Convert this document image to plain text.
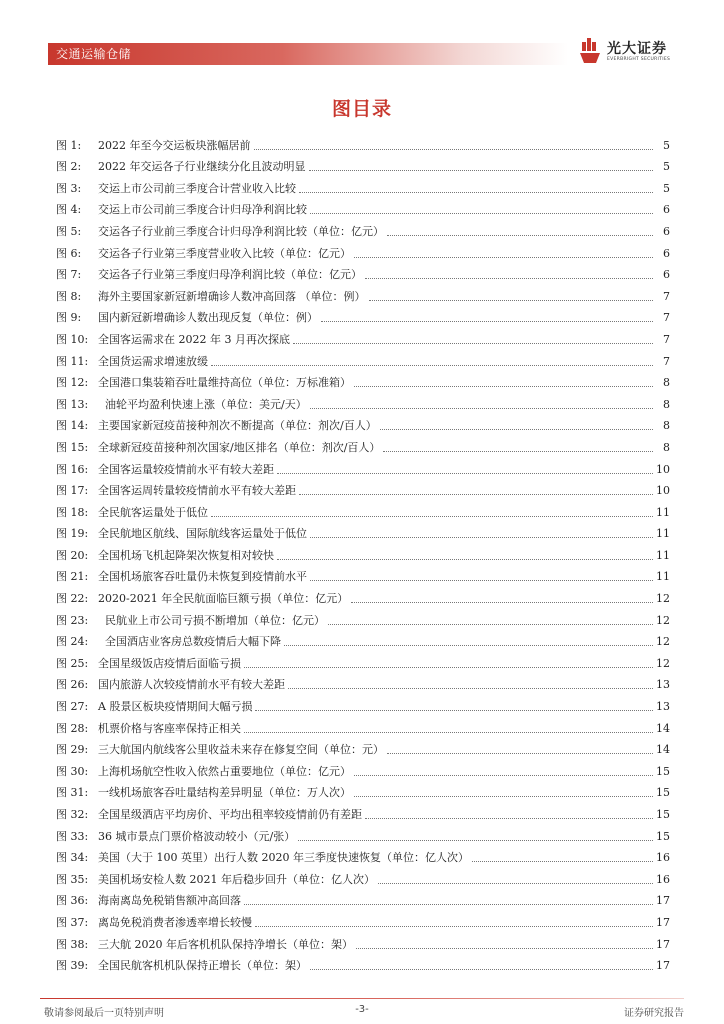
交通运输仓储	光大证券
EVERBRIGHT SECURITIES
图目录
图 1:	2022 年至今交运板块涨幅居前	5
图 2:	2022 年交运各子行业继续分化且波动明显	5
图 3:	交运上市公司前三季度合计营业收入比较	5
图 4:	交运上市公司前三季度合计归母净利润比较	6
图 5:	交运各子行业前三季度合计归母净利润比较（单位：亿元）	6
图 6:	交运各子行业第三季度营业收入比较（单位：亿元）	6
图 7:	交运各子行业第三季度归母净利润比较（单位：亿元）	6
图 8:	海外主要国家新冠新增确诊人数冲高回落 （单位：例）	7
图 9:	国内新冠新增确诊人数出现反复（单位：例）	7
图 10: 全国客运需求在 2022 年 3 月再次探底	7
图 11: 全国货运需求增速放缓	7
图 12: 全国港口集装箱吞吐量维持高位（单位：万标准箱）	8
图 13: 油轮平均盈利快速上涨（单位：美元/天）	8
图 14: 主要国家新冠疫苗接种剂次不断提高（单位：剂次/百人）	8
图 15: 全球新冠疫苗接种剂次国家/地区排名（单位：剂次/百人）	8
图 16: 全国客运量较疫情前水平有较大差距	10
图 17: 全国客运周转量较疫情前水平有较大差距	10
图 18: 全民航客运量处于低位	11
图 19: 全民航地区航线、国际航线客运量处于低位	11
图 20: 全国机场飞机起降架次恢复相对较快	11
图 21: 全国机场旅客吞吐量仍未恢复到疫情前水平	11
图 22: 2020-2021 年全民航面临巨额亏损（单位：亿元）	12
图 23: 民航业上市公司亏损不断增加（单位：亿元）	12
图 24: 全国酒店业客房总数疫情后大幅下降	12
图 25: 全国星级饭店疫情后面临亏损	12
图 26: 国内旅游人次较疫情前水平有较大差距	13
图 27: A 股景区板块疫情期间大幅亏损	13
图 28: 机票价格与客座率保持正相关	14
图 29: 三大航国内航线客公里收益未来存在修复空间（单位：元）	14
图 30: 上海机场航空性收入依然占重要地位（单位：亿元）	15
图 31: 一线机场旅客吞吐量结构差异明显（单位：万人次）	15
图 32: 全国星级酒店平均房价、平均出租率较疫情前仍有差距	15
图 33: 36 城市景点门票价格波动较小（元/张）	15
图 34: 美国（大于 100 英里）出行人数 2020 年三季度快速恢复（单位：亿人次）	16
图 35: 美国机场安检人数 2021 年后稳步回升（单位：亿人次）	16
图 36: 海南离岛免税销售额冲高回落	17
图 37: 离岛免税消费者渗透率增长较慢	17
图 38: 三大航 2020 年后客机机队保持净增长（单位：架）	17
图 39: 全国民航客机机队保持正增长（单位：架）	17
敬请参阅最后一页特别声明	-3-	证券研究报告
